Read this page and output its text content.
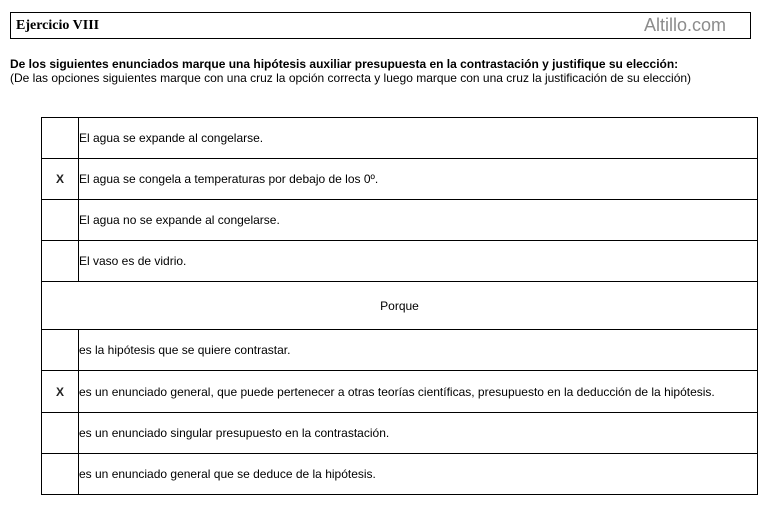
Ejercicio VIII	Altillo.com
De los siguientes enunciados marque una hipótesis auxiliar presupuesta en la contrastación y justifique su elección:
(De las opciones siguientes marque con una cruz la opción correcta y luego marque con una cruz la justificación de su elección)
	El agua se expande al congelarse.
X	El agua se congela a temperaturas por debajo de los 0º.
	El agua no se expande al congelarse.
	El vaso es de vidrio.
Porque	
	es la hipótesis que se quiere contrastar.
X	es un enunciado general, que puede pertenecer a otras teorías científicas, presupuesto en la deducción de la hipótesis.
	es un enunciado singular presupuesto en la contrastación.
	es un enunciado general que se deduce de la hipótesis.
